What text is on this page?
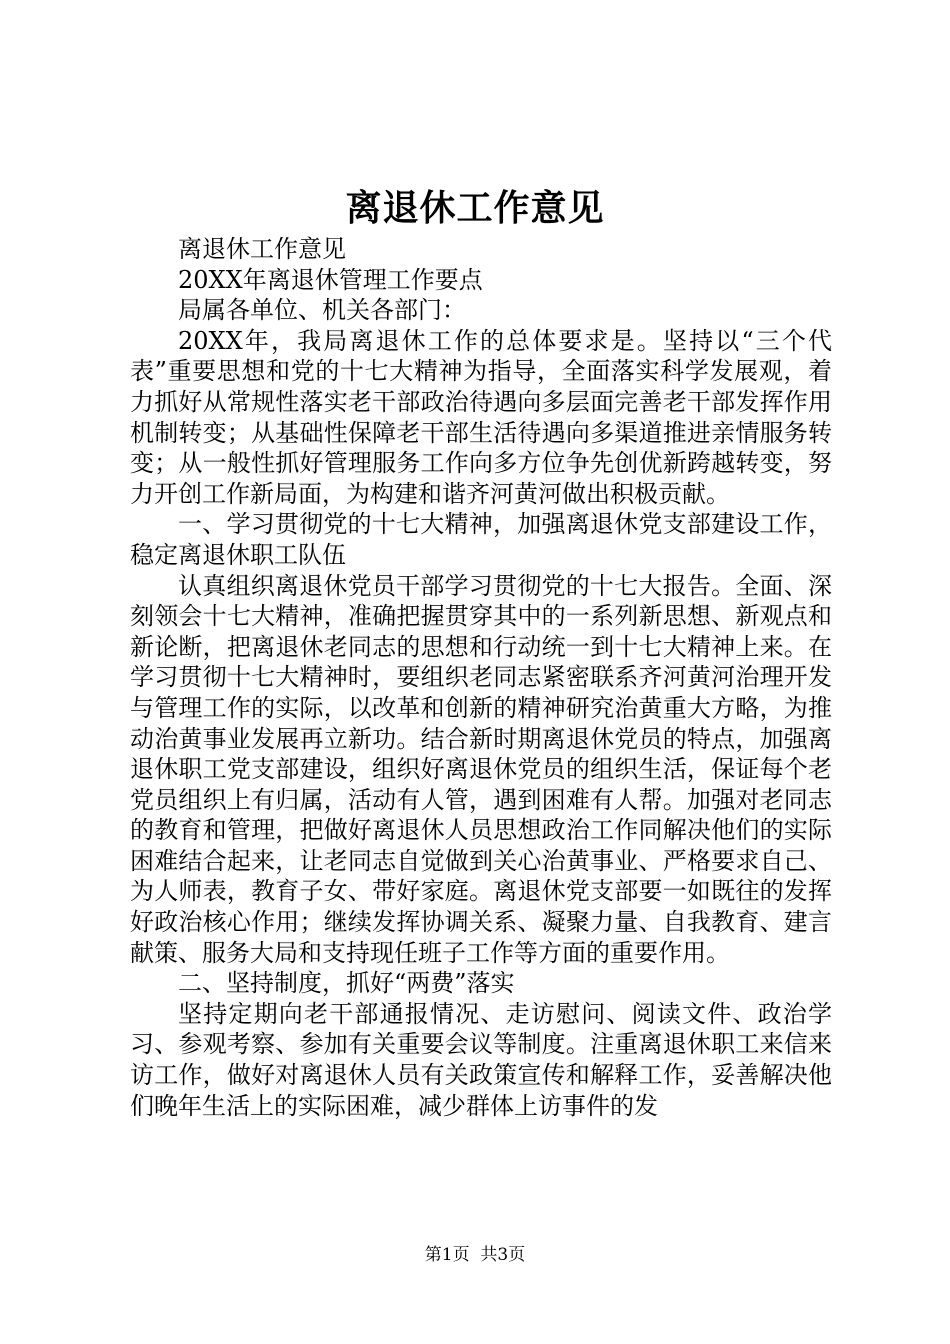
离退休工作意见

离退休工作意见

20XX年离退休管理工作要点

局属各单位、机关各部门：

20XX年，我局离退休工作的总体要求是。坚持以“三个代表”重要思想和党的十七大精神为指导，全面落实科学发展观，着力抓好从常规性落实老干部政治待遇向多层面完善老干部发挥作用机制转变；从基础性保障老干部生活待遇向多渠道推进亲情服务转变；从一般性抓好管理服务工作向多方位争先创优新跨越转变，努力开创工作新局面，为构建和谐齐河黄河做出积极贡献。

一、学习贯彻党的十七大精神，加强离退休党支部建设工作，稳定离退休职工队伍

认真组织离退休党员干部学习贯彻党的十七大报告。全面、深刻领会十七大精神，准确把握贯穿其中的一系列新思想、新观点和新论断，把离退休老同志的思想和行动统一到十七大精神上来。在学习贯彻十七大精神时，要组织老同志紧密联系齐河黄河治理开发与管理工作的实际，以改革和创新的精神研究治黄重大方略，为推动治黄事业发展再立新功。结合新时期离退休党员的特点，加强离退休职工党支部建设，组织好离退休党员的组织生活，保证每个老党员组织上有归属，活动有人管，遇到困难有人帮。加强对老同志的教育和管理，把做好离退休人员思想政治工作同解决他们的实际困难结合起来，让老同志自觉做到关心治黄事业、严格要求自己、为人师表，教育子女、带好家庭。离退休党支部要一如既往的发挥好政治核心作用；继续发挥协调关系、凝聚力量、自我教育、建言献策、服务大局和支持现任班子工作等方面的重要作用。

二、坚持制度，抓好“两费”落实

坚持定期向老干部通报情况、走访慰问、阅读文件、政治学习、参观考察、参加有关重要会议等制度。注重离退休职工来信来访工作，做好对离退休人员有关政策宣传和解释工作，妥善解决他们晚年生活上的实际困难，减少群体上访事件的发

第1页  共3页
